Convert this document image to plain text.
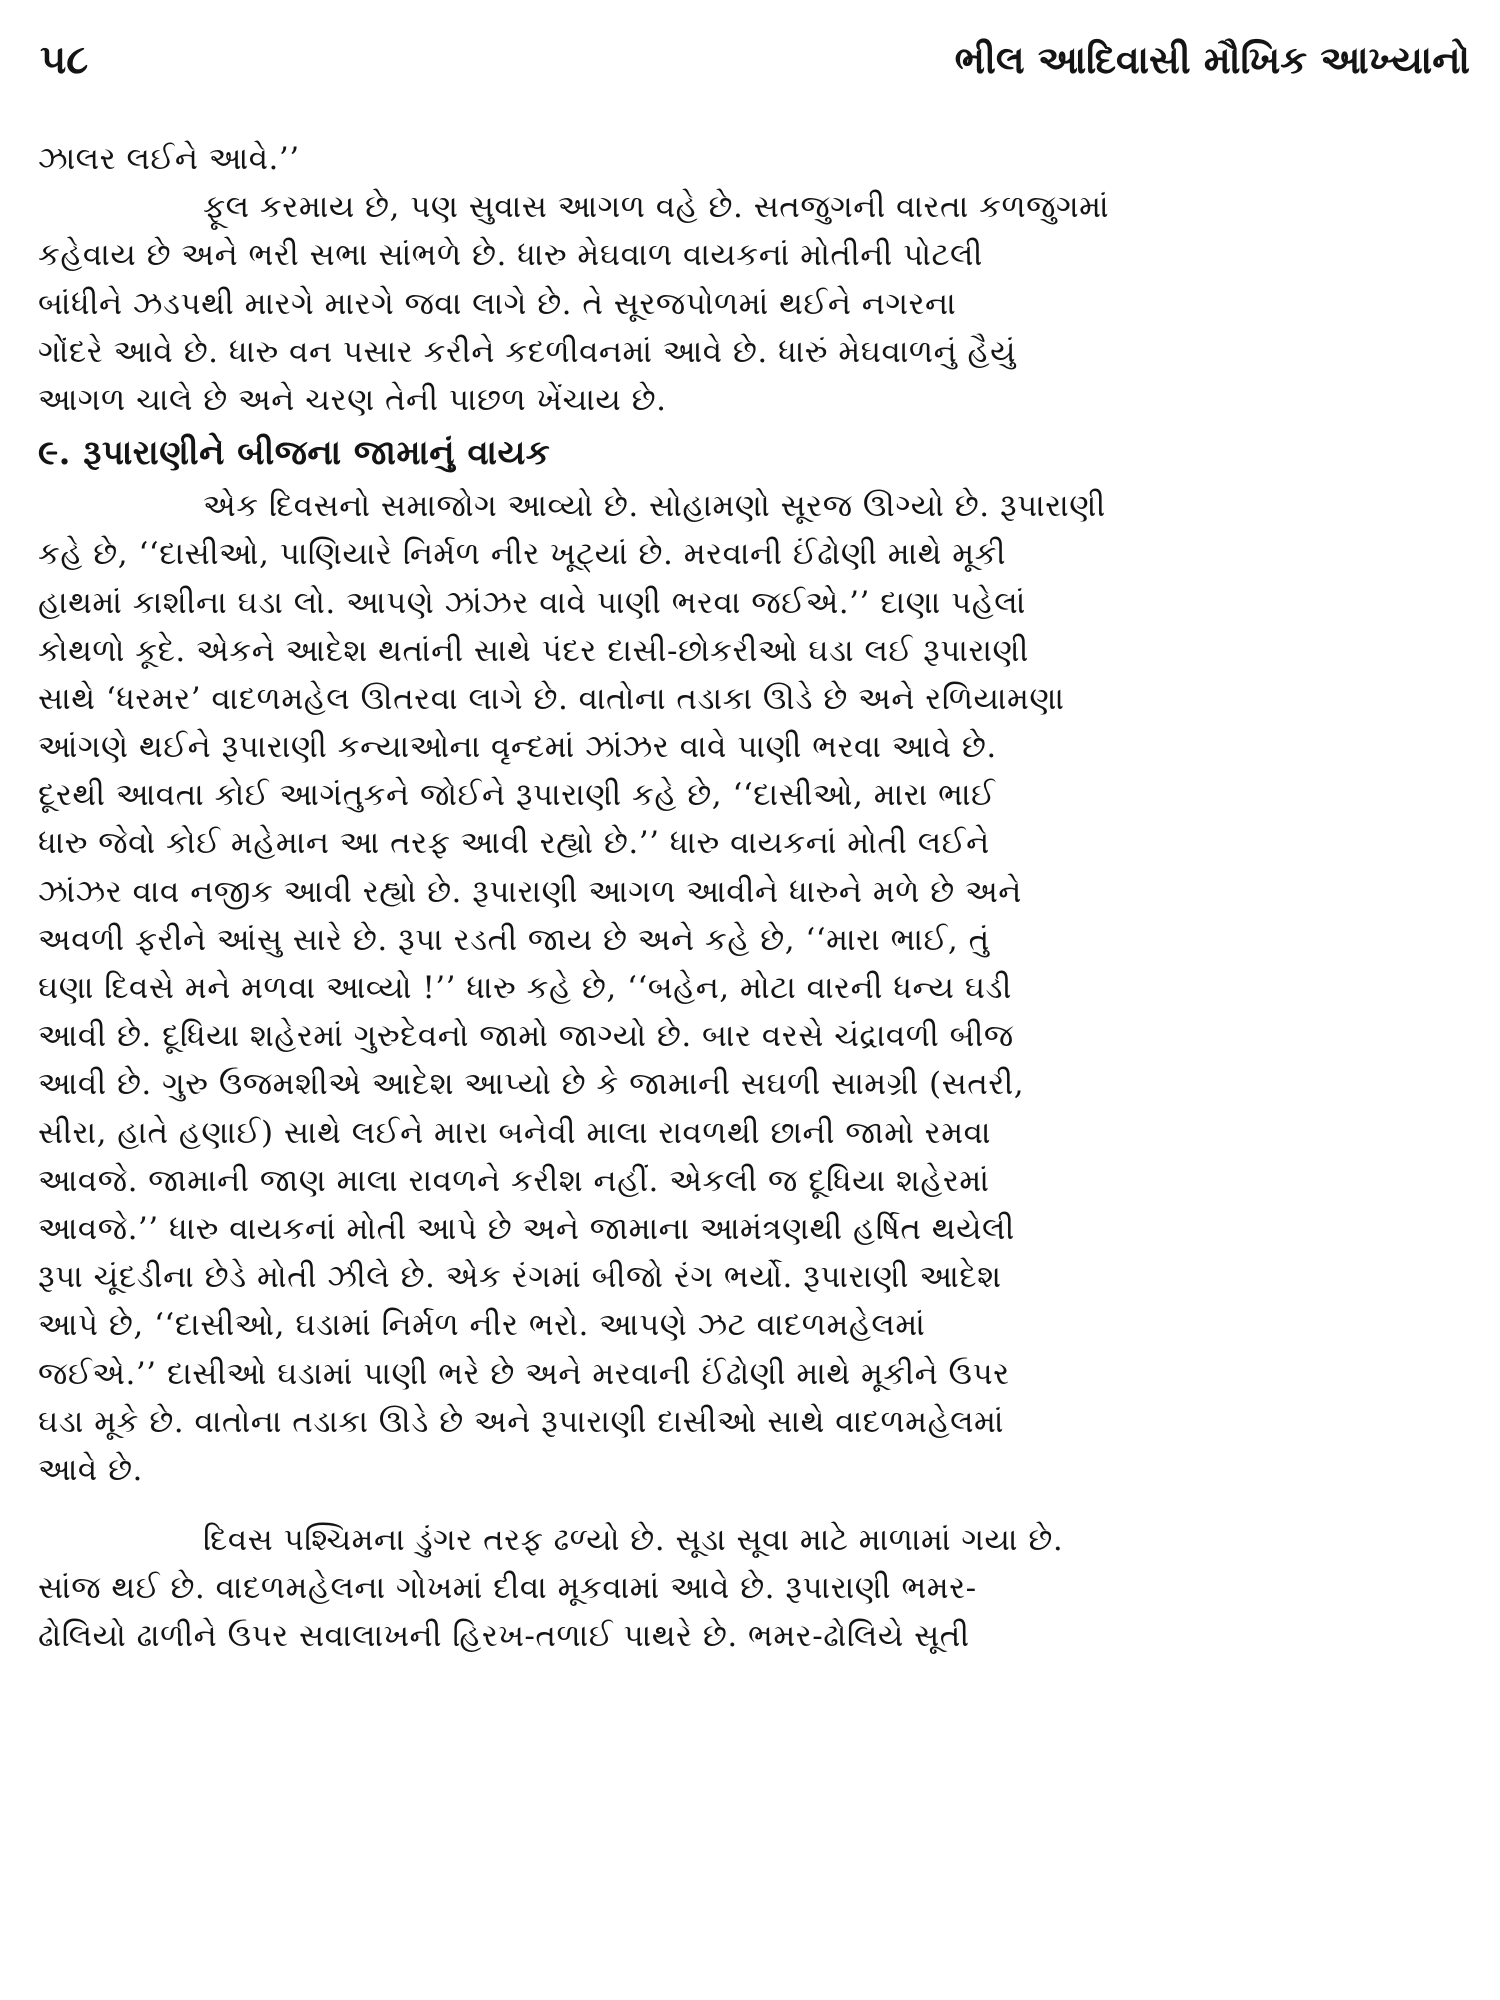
૫૮	ભીલ આદિવાસી મૌખિક આખ્યાનો
ઝાલર લઈને આવે.’’
ફૂલ કરમાય છે, પણ સુવાસ આગળ વહે છે. સતજુગની વારતા કળજુગમાં
કહેવાય છે અને ભરી સભા સાંભળે છે. ધારુ મેઘવાળ વાયકનાં મોતીની પોટલી
બાંધીને ઝડપથી મારગે મારગે જવા લાગે છે. તે સૂરજપોળમાં થઈને નગરના
ગોંદરે આવે છે. ધારુ વન પસાર કરીને કદળીવનમાં આવે છે. ધારું મેઘવાળનું હૈયું
આગળ ચાલે છે અને ચરણ તેની પાછળ ખેંચાય છે.
૯. રૂપારાણીને બીજના જામાનું વાયક
એક દિવસનો સમાજોગ આવ્યો છે. સોહામણો સૂરજ ઊગ્યો છે. રૂપારાણી
કહે છે, ‘‘દાસીઓ, પાણિયારે નિર્મળ નીર ખૂટ્યાં છે. મરવાની ઈંઢોણી માથે મૂકી
હાથમાં કાશીના ઘડા લો. આપણે ઝાંઝર વાવે પાણી ભરવા જઈએ.’’ દાણા પહેલાં
કોથળો કૂદે. એકને આદેશ થતાંની સાથે પંદર દાસી-છોકરીઓ ઘડા લઈ રૂપારાણી
સાથે ‘ધરમર’ વાદળમહેલ ઊતરવા લાગે છે. વાતોના તડાકા ઊડે છે અને રળિયામણા
આંગણે થઈને રૂપારાણી કન્યાઓના વૃન્દમાં ઝાંઝર વાવે પાણી ભરવા આવે છે.
દૂરથી આવતા કોઈ આગંતુકને જોઈને રૂપારાણી કહે છે, ‘‘દાસીઓ, મારા ભાઈ
ધારુ જેવો કોઈ મહેમાન આ તરફ આવી રહ્યો છે.’’ ધારુ વાયકનાં મોતી લઈને
ઝાંઝર વાવ નજીક આવી રહ્યો છે. રૂપારાણી આગળ આવીને ધારુને મળે છે અને
અવળી ફરીને આંસુ સારે છે. રૂપા રડતી જાય છે અને કહે છે, ‘‘મારા ભાઈ, તું
ઘણા દિવસે મને મળવા આવ્યો !’’ ધારુ કહે છે, ‘‘બહેન, મોટા વારની ધન્ય ઘડી
આવી છે. દૂધિયા શહેરમાં ગુરુદેવનો જામો જાગ્યો છે. બાર વરસે ચંદ્રાવળી બીજ
આવી છે. ગુરુ ઉજમશીએ આદેશ આપ્યો છે કે જામાની સઘળી સામગ્રી (સતરી,
સીરા, હાતે હણાઈ) સાથે લઈને મારા બનેવી માલા રાવળથી છાની જામો રમવા
આવજે. જામાની જાણ માલા રાવળને કરીશ નહીં. એકલી જ દૂધિયા શહેરમાં
આવજે.’’ ધારુ વાયકનાં મોતી આપે છે અને જામાના આમંત્રણથી હર્ષિત થયેલી
રૂપા ચૂંદડીના છેડે મોતી ઝીલે છે. એક રંગમાં બીજો રંગ ભર્યો. રૂપારાણી આદેશ
આપે છે, ‘‘દાસીઓ, ઘડામાં નિર્મળ નીર ભરો. આપણે ઝટ વાદળમહેલમાં
જઈએ.’’ દાસીઓ ઘડામાં પાણી ભરે છે અને મરવાની ઈંઢોણી માથે મૂકીને ઉપર
ઘડા મૂકે છે. વાતોના તડાકા ઊડે છે અને રૂપારાણી દાસીઓ સાથે વાદળમહેલમાં
આવે છે.
દિવસ પશ્ચિમના ડુંગર તરફ ઢળ્યો છે. સૂડા સૂવા માટે માળામાં ગયા છે.
સાંજ થઈ છે. વાદળમહેલના ગોખમાં દીવા મૂકવામાં આવે છે. રૂપારાણી ભમર-
ઢોલિયો ઢાળીને ઉપર સવાલાખની હિરખ-તળાઈ પાથરે છે. ભમર-ઢોલિયે સૂતી
